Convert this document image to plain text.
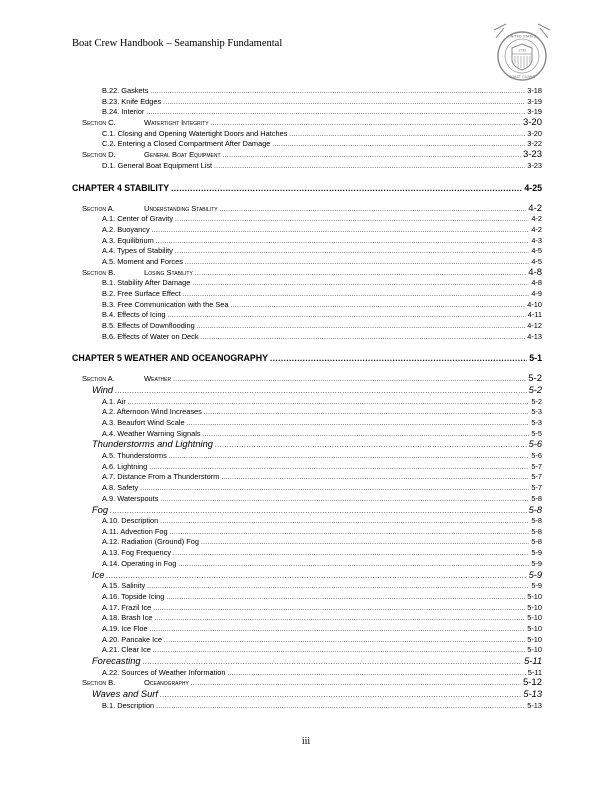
Boat Crew Handbook – Seamanship Fundamental
UNITED STATES
COAST GUARD
1790
B.22. Gaskets .....	3-18
B.23. Knife Edges .....	3-19
B.24. Interior .....	3-19
Section C.	Watertight Integrity .....	3-20
C.1. Closing and Opening Watertight Doors and Hatches .....	3-20
C.2. Entering a Closed Compartment After Damage .....	3-22
Section D.	General Boat Equipment .....	3-23
D.1. General Boat Equipment List .....	3-23
CHAPTER 4 STABILITY .....	4-25
Section A.	Understanding Stability .....	4-2
A.1. Center of Gravity .....	4-2
A.2. Buoyancy .....	4-2
A.3. Equilibrium .....	4-3
A.4. Types of Stability .....	4-5
A.5. Moment and Forces .....	4-5
Section B.	Losing Stability .....	4-8
B.1. Stability After Damage .....	4-8
B.2. Free Surface Effect .....	4-9
B.3. Free Communication with the Sea .....	4-10
B.4. Effects of Icing .....	4-11
B.5. Effects of Downflooding .....	4-12
B.6. Effects of Water on Deck .....	4-13
CHAPTER 5 WEATHER AND OCEANOGRAPHY .....	5-1
Section A.	Weather .....	5-2
Wind .....	5-2
A.1. Air .....	5-2
A.2. Afternoon Wind Increases .....	5-3
A.3. Beaufort Wind Scale .....	5-3
A.4. Weather Warning Signals .....	5-5
Thunderstorms and Lightning .....	5-6
A.5. Thunderstorms .....	5-6
A.6. Lightning .....	5-7
A.7. Distance From a Thunderstorm .....	5-7
A.8. Safety .....	5-7
A.9. Waterspouts .....	5-8
Fog .....	5-8
A.10. Description .....	5-8
A.11. Advection Fog .....	5-8
A.12. Radiation (Ground) Fog .....	5-8
A.13. Fog Frequency .....	5-9
A.14. Operating in Fog .....	5-9
Ice .....	5-9
A.15. Salinity .....	5-9
A.16. Topside Icing .....	5-10
A.17. Frazil Ice .....	5-10
A.18. Brash Ice .....	5-10
A.19. Ice Floe .....	5-10
A.20. Pancake Ice .....	5-10
A.21. Clear Ice .....	5-10
Forecasting .....	5-11
A.22. Sources of Weather Information .....	5-11
Section B.	Oceanography .....	5-12
Waves and Surf .....	5-13
B.1. Description .....	5-13
iii
